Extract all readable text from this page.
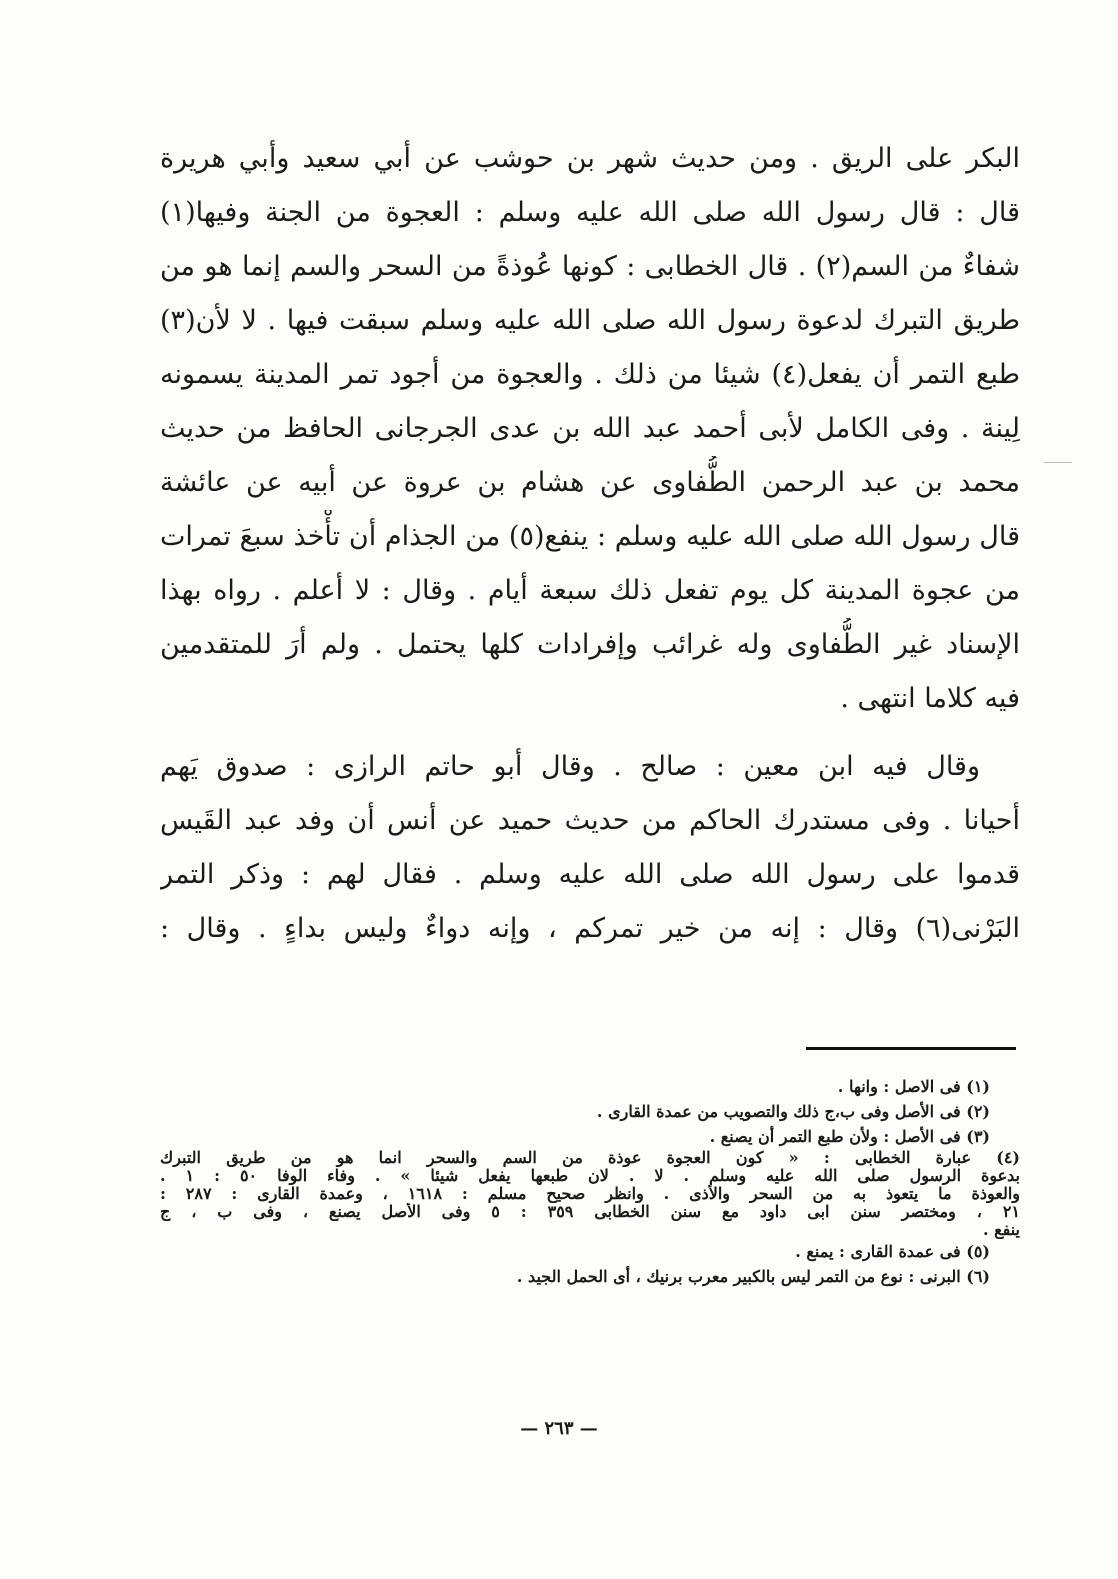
البكر على الريق . ومن حديث شهر بن حوشب عن أبي سعيد وأبي هريرة
قال : قال رسول الله صلى الله عليه وسلم : العجوة من الجنة وفيها(١)
شفاءٌ من السم(٢) . قال الخطابى : كونها عُوذةً من السحر والسم إنما هو من
طريق التبرك لدعوة رسول الله صلى الله عليه وسلم سبقت فيها . لا لأن(٣)
طبع التمر أن يفعل(٤) شيئا من ذلك . والعجوة من أجود تمر المدينة يسمونه
لِينة . وفى الكامل لأبى أحمد عبد الله بن عدى الجرجانى الحافظ من حديث
محمد بن عبد الرحمن الطُّفاوى عن هشام بن عروة عن أبيه عن عائشة
قال رسول الله صلى الله عليه وسلم : ينفع(٥) من الجذام أن تأْخذ سبعَ تمرات
من عجوة المدينة كل يوم تفعل ذلك سبعة أيام . وقال : لا أعلم . رواه بهذا
الإسناد غير الطُّفاوى وله غرائب وإفرادات كلها يحتمل . ولم أرَ للمتقدمين
فيه كلاما انتهى .

وقال فيه ابن معين : صالح . وقال أبو حاتم الرازى : صدوق يَهم
أحيانا . وفى مستدرك الحاكم من حديث حميد عن أنس أن وفد عبد القَيس
قدموا على رسول الله صلى الله عليه وسلم . فقال لهم : وذكر التمر
البَرْنى(٦) وقال : إنه من خير تمركم ، وإنه دواءٌ وليس بداءٍ . وقال :

(١) فى الاصل : وانها .
(٢) فى الأصل وفى ب،ج ذلك والتصويب من عمدة القارى .
(٣) فى الأصل : ولأن طبع التمر أن يصنع .
(٤) عبارة الخطابى : « كون العجوة عوذة من السم والسحر انما هو من طريق التبرك
بدعوة الرسول صلى الله عليه وسلم . لا . لان طبعها يفعل شيئا » . وفاء الوفا ٥٠ : ١ .
والعوذة ما يتعوذ به من السحر والأذى . وانظر صحيح مسلم : ١٦١٨ ، وعمدة القارى : ٢٨٧ :
٢١ ، ومختصر سنن ابى داود مع سنن الخطابى ٣٥٩ : ٥ وفى الأصل يصنع ، وفى ب ، ج
ينفع .
(٥) فى عمدة القارى : يمنع .
(٦) البرنى : نوع من التمر ليس بالكبير معرب برنيك ، أى الحمل الجيد .
— ٢٦٣ —
